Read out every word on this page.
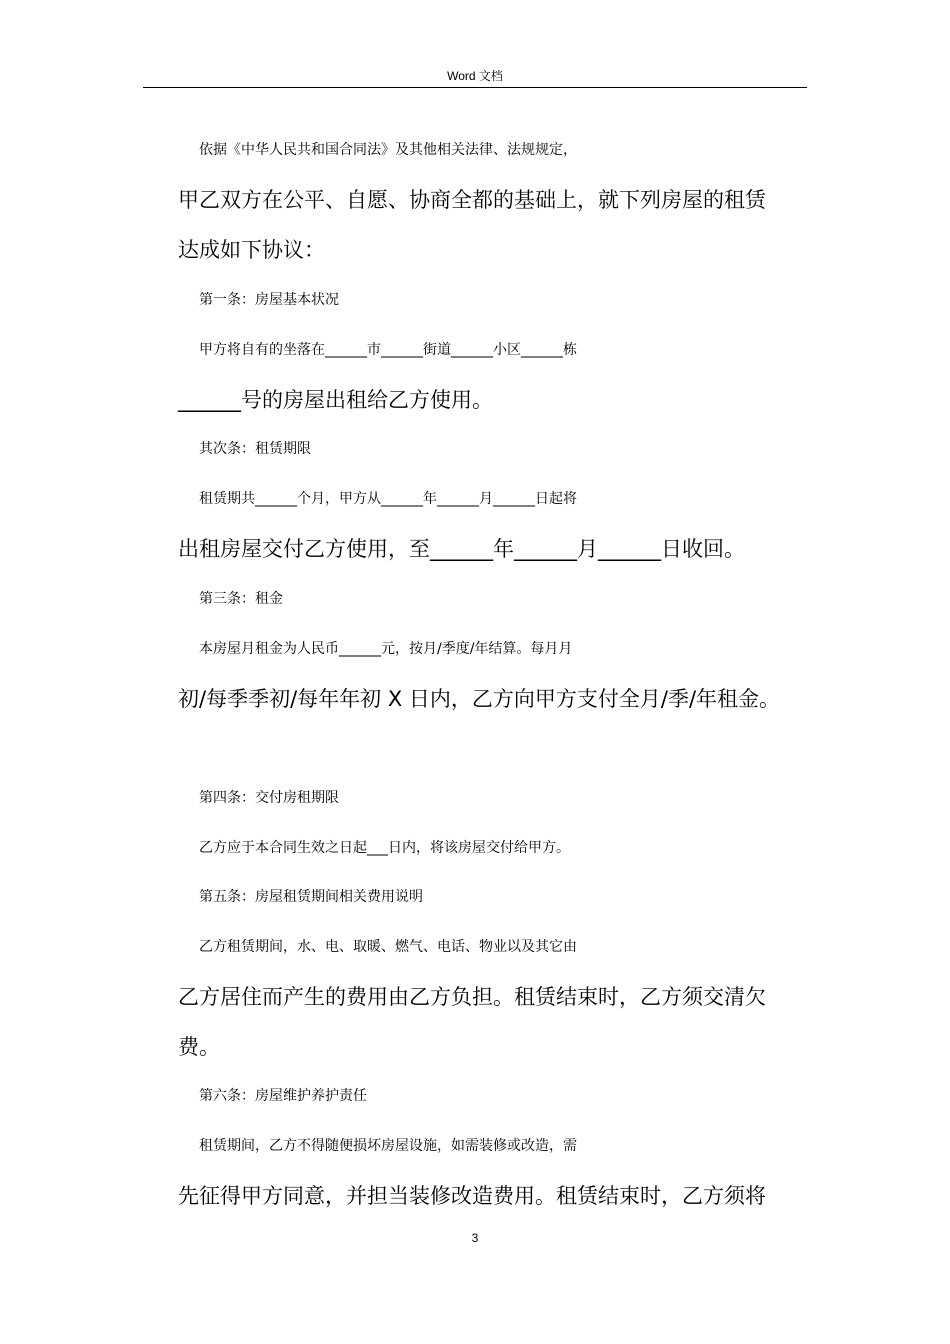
Word 文档
依据《中华人民共和国合同法》及其他相关法律、法规规定，
甲乙双方在公平、自愿、协商全都的基础上，就下列房屋的租赁
达成如下协议：
第一条：房屋基本状况
甲方将自有的坐落在______市______街道______小区______栋
______号的房屋出租给乙方使用。
其次条：租赁期限
租赁期共______个月，甲方从______年______月______日起将
出租房屋交付乙方使用，至______年______月______日收回。
第三条：租金
本房屋月租金为人民币______元，按月/季度/年结算。每月月
初/每季季初/每年年初 X 日内，乙方向甲方支付全月/季/年租金。
第四条：交付房租期限
乙方应于本合同生效之日起___日内，将该房屋交付给甲方。
第五条：房屋租赁期间相关费用说明
乙方租赁期间，水、电、取暖、燃气、电话、物业以及其它由
乙方居住而产生的费用由乙方负担。租赁结束时，乙方须交清欠
费。
第六条：房屋维护养护责任
租赁期间，乙方不得随便损坏房屋设施，如需装修或改造，需
先征得甲方同意，并担当装修改造费用。租赁结束时，乙方须将
3
